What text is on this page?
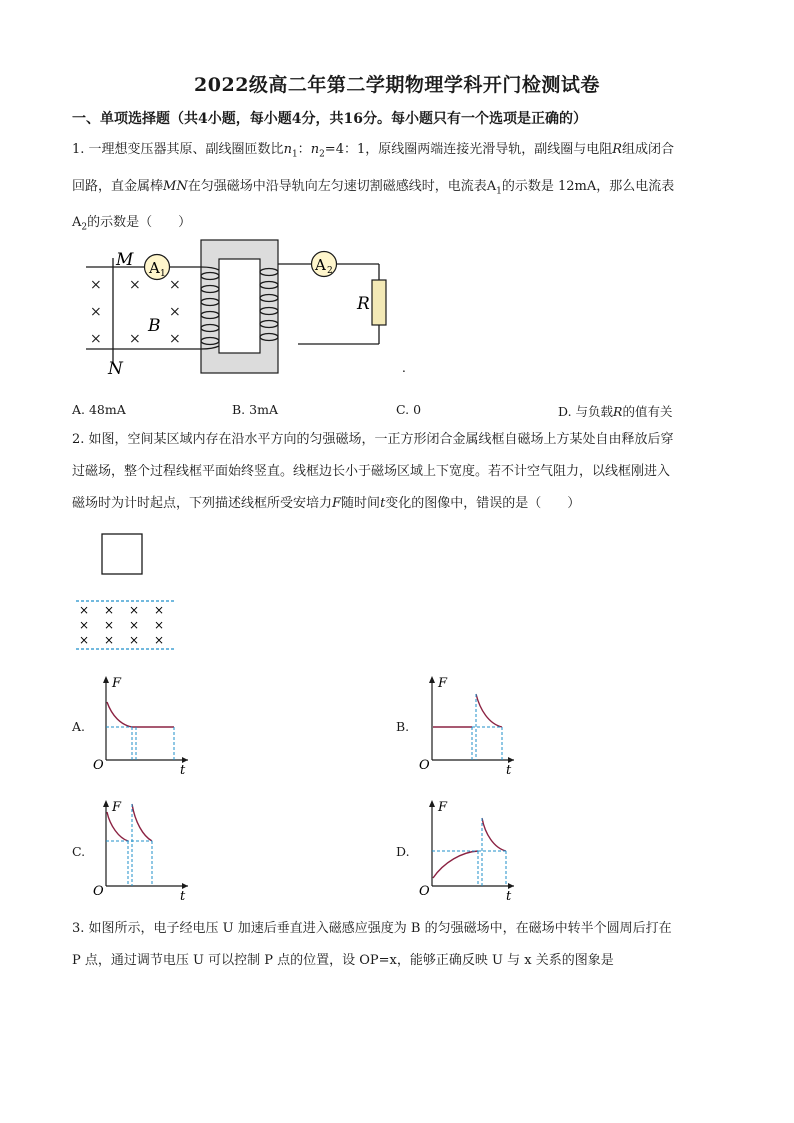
2022级高二年第二学期物理学科开门检测试卷
一、单项选择题（共4小题，每小题4分，共16分。每小题只有一个选项是正确的）
1. 一理想变压器其原、副线圈匝数比$n_1$：$n_2=4$：1，原线圈两端连接光滑导轨，副线圈与电阻R组成闭合
回路，直金属棒MN在匀强磁场中沿导轨向左匀速切割磁感线时，电流表$A_1$的示数是 12mA，那么电流表
$A_2$的示数是（　　）
M
N
A 1
×
×
×
×
×
×
×
×
B
A 2
R
.
A. 48mA	B. 3mA	C. 0	D. 与负载R的值有关
2. 如图，空间某区域内存在沿水平方向的匀强磁场，一正方形闭合金属线框自磁场上方某处自由释放后穿
过磁场，整个过程线框平面始终竖直。线框边长小于磁场区域上下宽度。若不计空气阻力，以线框刚进入
磁场时为计时起点，下列描述线框所受安培力F随时间t变化的图像中，错误的是（　　）
× × × ×
× × × ×
× × × ×
A.
F
O	t
B.
F
O	t
C.
F
O	t
D.
F
O	t
3. 如图所示，电子经电压 U 加速后垂直进入磁感应强度为 B 的匀强磁场中，在磁场中转半个圆周后打在
P 点，通过调节电压 U 可以控制 P 点的位置，设 OP=x，能够正确反映 U 与 x 关系的图象是
